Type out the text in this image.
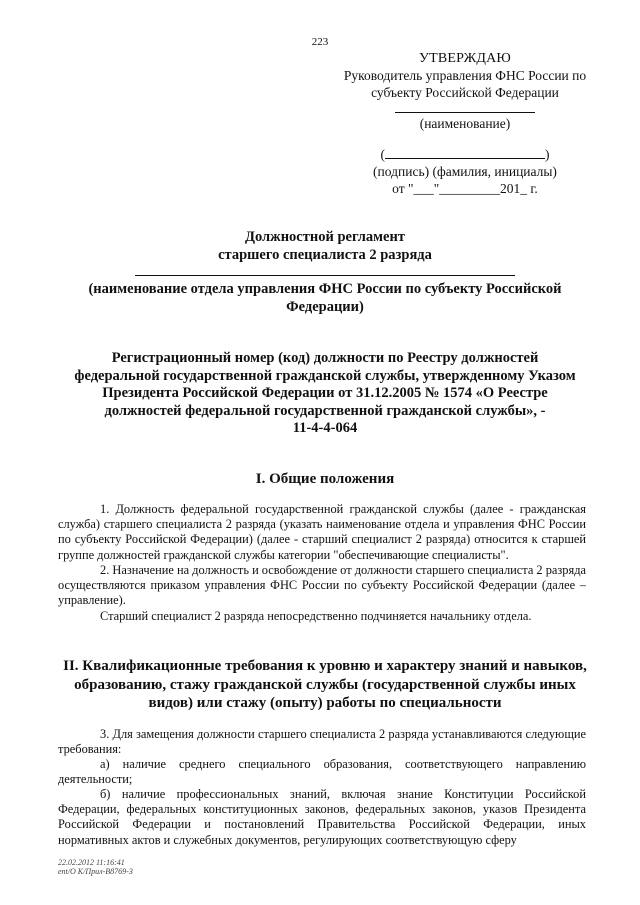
223
УТВЕРЖДАЮ
Руководитель управления ФНС России по
субъекту Российской Федерации
(наименование)
(	)
(подпись) (фамилия, инициалы)
от "___"_________201_ г.
Должностной регламент
старшего специалиста 2 разряда
(наименование отдела управления ФНС России по субъекту Российской
Федерации)
Регистрационный номер (код) должности по Реестру должностей
федеральной государственной гражданской службы, утвержденному Указом
Президента Российской Федерации от 31.12.2005 № 1574 «О Реестре
должностей федеральной государственной гражданской службы», -
11-4-4-064
I. Общие положения
1. Должность федеральной государственной гражданской службы (далее - гражданская служба) старшего специалиста 2 разряда (указать наименование отдела и управления ФНС России по субъекту Российской Федерации) (далее - старший специалист 2 разряда) относится к старшей группе должностей гражданской службы категории "обеспечивающие специалисты".
2. Назначение на должность и освобождение от должности старшего специалиста 2 разряда осуществляются приказом управления ФНС России по субъекту Российской Федерации (далее – управление).
Старший специалист 2 разряда непосредственно подчиняется начальнику отдела.
II. Квалификационные требования к уровню и характеру знаний и навыков,
образованию, стажу гражданской службы (государственной службы иных
видов) или стажу (опыту) работы по специальности
3. Для замещения должности старшего специалиста 2 разряда устанавливаются следующие требования:
а) наличие среднего специального образования, соответствующего направлению деятельности;
б) наличие профессиональных знаний, включая знание Конституции Российской Федерации, федеральных конституционных законов, федеральных законов, указов Президента Российской Федерации и постановлений Правительства Российской Федерации, иных нормативных актов и служебных документов, регулирующих соответствующую сферу
22.02.2012 11:16:41
ent/O K/Прил-B8769-3
